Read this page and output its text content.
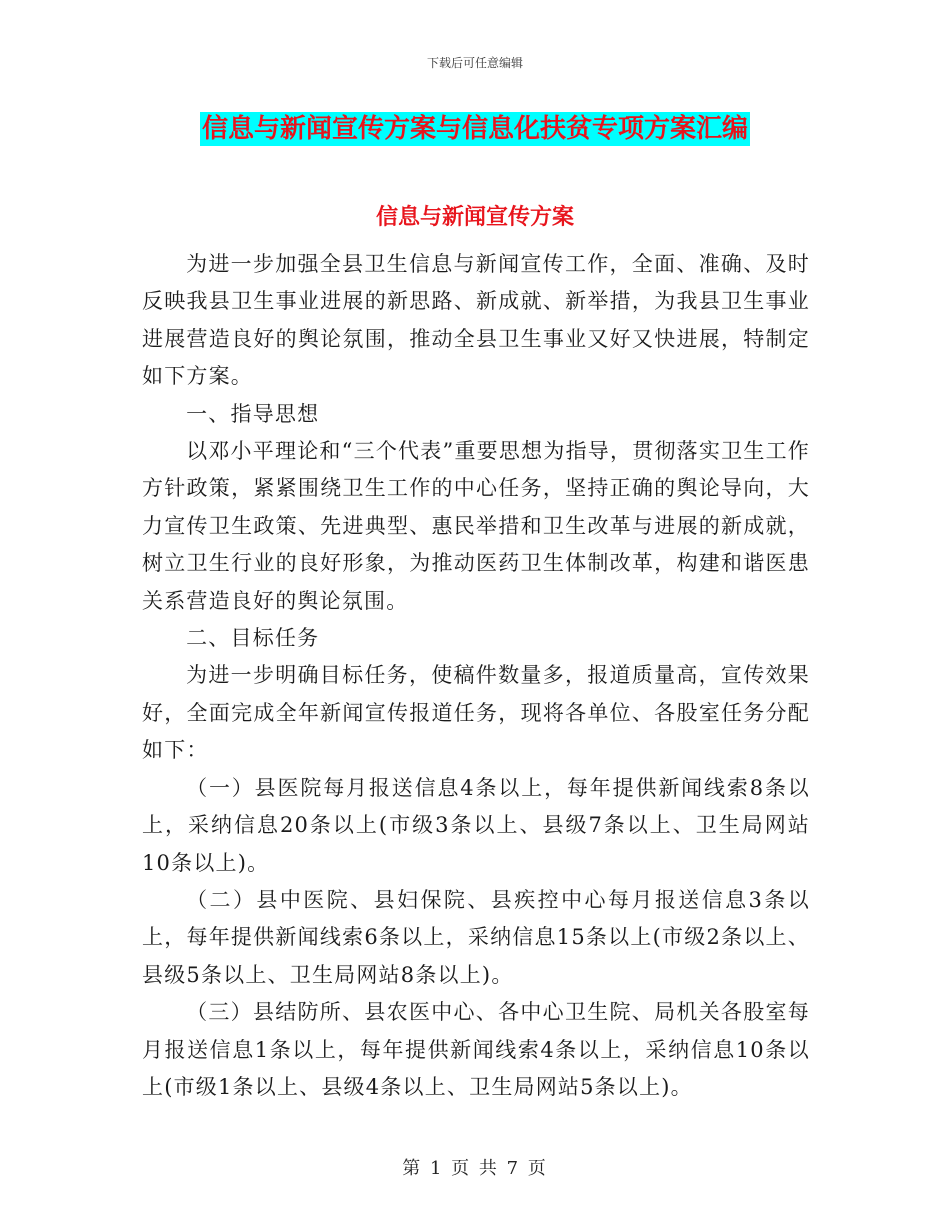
下载后可任意编辑
信息与新闻宣传方案与信息化扶贫专项方案汇编
信息与新闻宣传方案

为进一步加强全县卫生信息与新闻宣传工作，全面、准确、及时反映我县卫生事业进展的新思路、新成就、新举措，为我县卫生事业进展营造良好的舆论氛围，推动全县卫生事业又好又快进展，特制定如下方案。

一、指导思想

以邓小平理论和“三个代表”重要思想为指导，贯彻落实卫生工作方针政策，紧紧围绕卫生工作的中心任务，坚持正确的舆论导向，大力宣传卫生政策、先进典型、惠民举措和卫生改革与进展的新成就，树立卫生行业的良好形象，为推动医药卫生体制改革，构建和谐医患关系营造良好的舆论氛围。

二、目标任务

为进一步明确目标任务，使稿件数量多，报道质量高，宣传效果好，全面完成全年新闻宣传报道任务，现将各单位、各股室任务分配如下：

（一）县医院每月报送信息4条以上，每年提供新闻线索8条以上，采纳信息20条以上(市级3条以上、县级7条以上、卫生局网站10条以上)。

（二）县中医院、县妇保院、县疾控中心每月报送信息3条以上，每年提供新闻线索6条以上，采纳信息15条以上(市级2条以上、县级5条以上、卫生局网站8条以上)。

（三）县结防所、县农医中心、各中心卫生院、局机关各股室每月报送信息1条以上，每年提供新闻线索4条以上，采纳信息10条以上(市级1条以上、县级4条以上、卫生局网站5条以上)。

第 1 页 共 7 页
